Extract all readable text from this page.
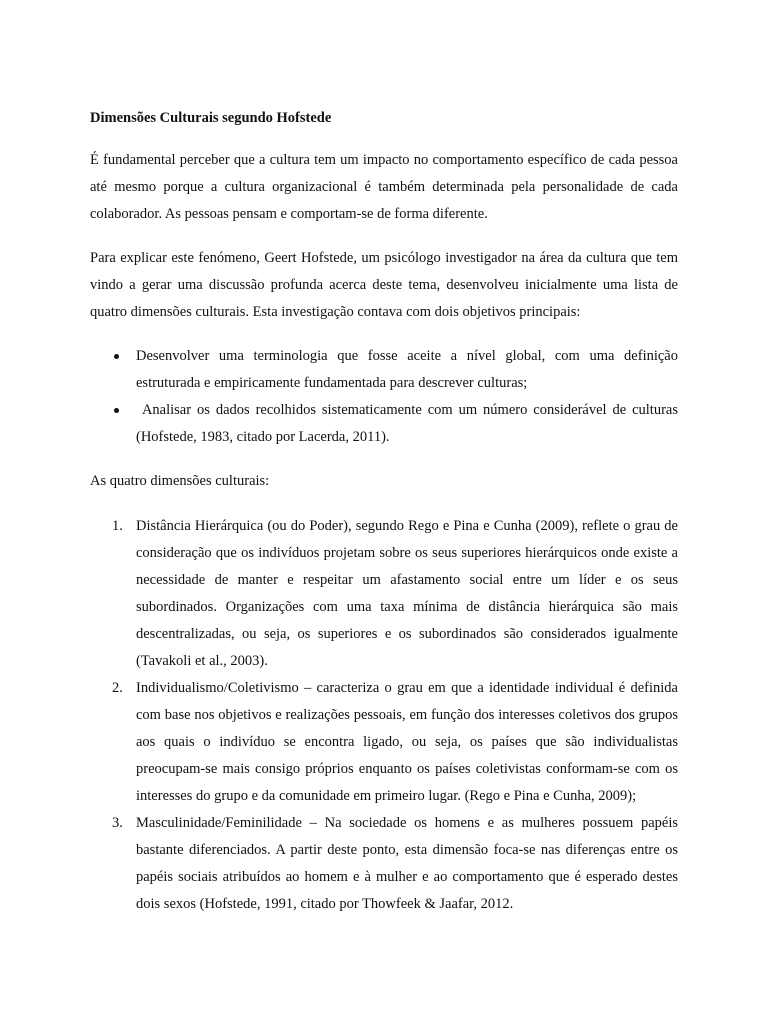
Dimensões Culturais segundo Hofstede

É fundamental perceber que a cultura tem um impacto no comportamento específico de cada pessoa até mesmo porque a cultura organizacional é também determinada pela personalidade de cada colaborador. As pessoas pensam e comportam-se de forma diferente.

Para explicar este fenómeno, Geert Hofstede, um psicólogo investigador na área da cultura que tem vindo a gerar uma discussão profunda acerca deste tema, desenvolveu inicialmente uma lista de quatro dimensões culturais. Esta investigação contava com dois objetivos principais:

Desenvolver uma terminologia que fosse aceite a nível global, com uma definição estruturada e empiricamente fundamentada para descrever culturas;
Analisar os dados recolhidos sistematicamente com um número considerável de culturas (Hofstede, 1983, citado por Lacerda, 2011).

As quatro dimensões culturais:

1. Distância Hierárquica (ou do Poder), segundo Rego e Pina e Cunha (2009), reflete o grau de consideração que os indivíduos projetam sobre os seus superiores hierárquicos onde existe a necessidade de manter e respeitar um afastamento social entre um líder e os seus subordinados. Organizações com uma taxa mínima de distância hierárquica são mais descentralizadas, ou seja, os superiores e os subordinados são considerados igualmente (Tavakoli et al., 2003).
2. Individualismo/Coletivismo – caracteriza o grau em que a identidade individual é definida com base nos objetivos e realizações pessoais, em função dos interesses coletivos dos grupos aos quais o indivíduo se encontra ligado, ou seja, os países que são individualistas preocupam-se mais consigo próprios enquanto os países coletivistas conformam-se com os interesses do grupo e da comunidade em primeiro lugar. (Rego e Pina e Cunha, 2009);
3. Masculinidade/Feminilidade – Na sociedade os homens e as mulheres possuem papéis bastante diferenciados. A partir deste ponto, esta dimensão foca-se nas diferenças entre os papéis sociais atribuídos ao homem e à mulher e ao comportamento que é esperado destes dois sexos (Hofstede, 1991, citado por Thowfeek & Jaafar, 2012.
